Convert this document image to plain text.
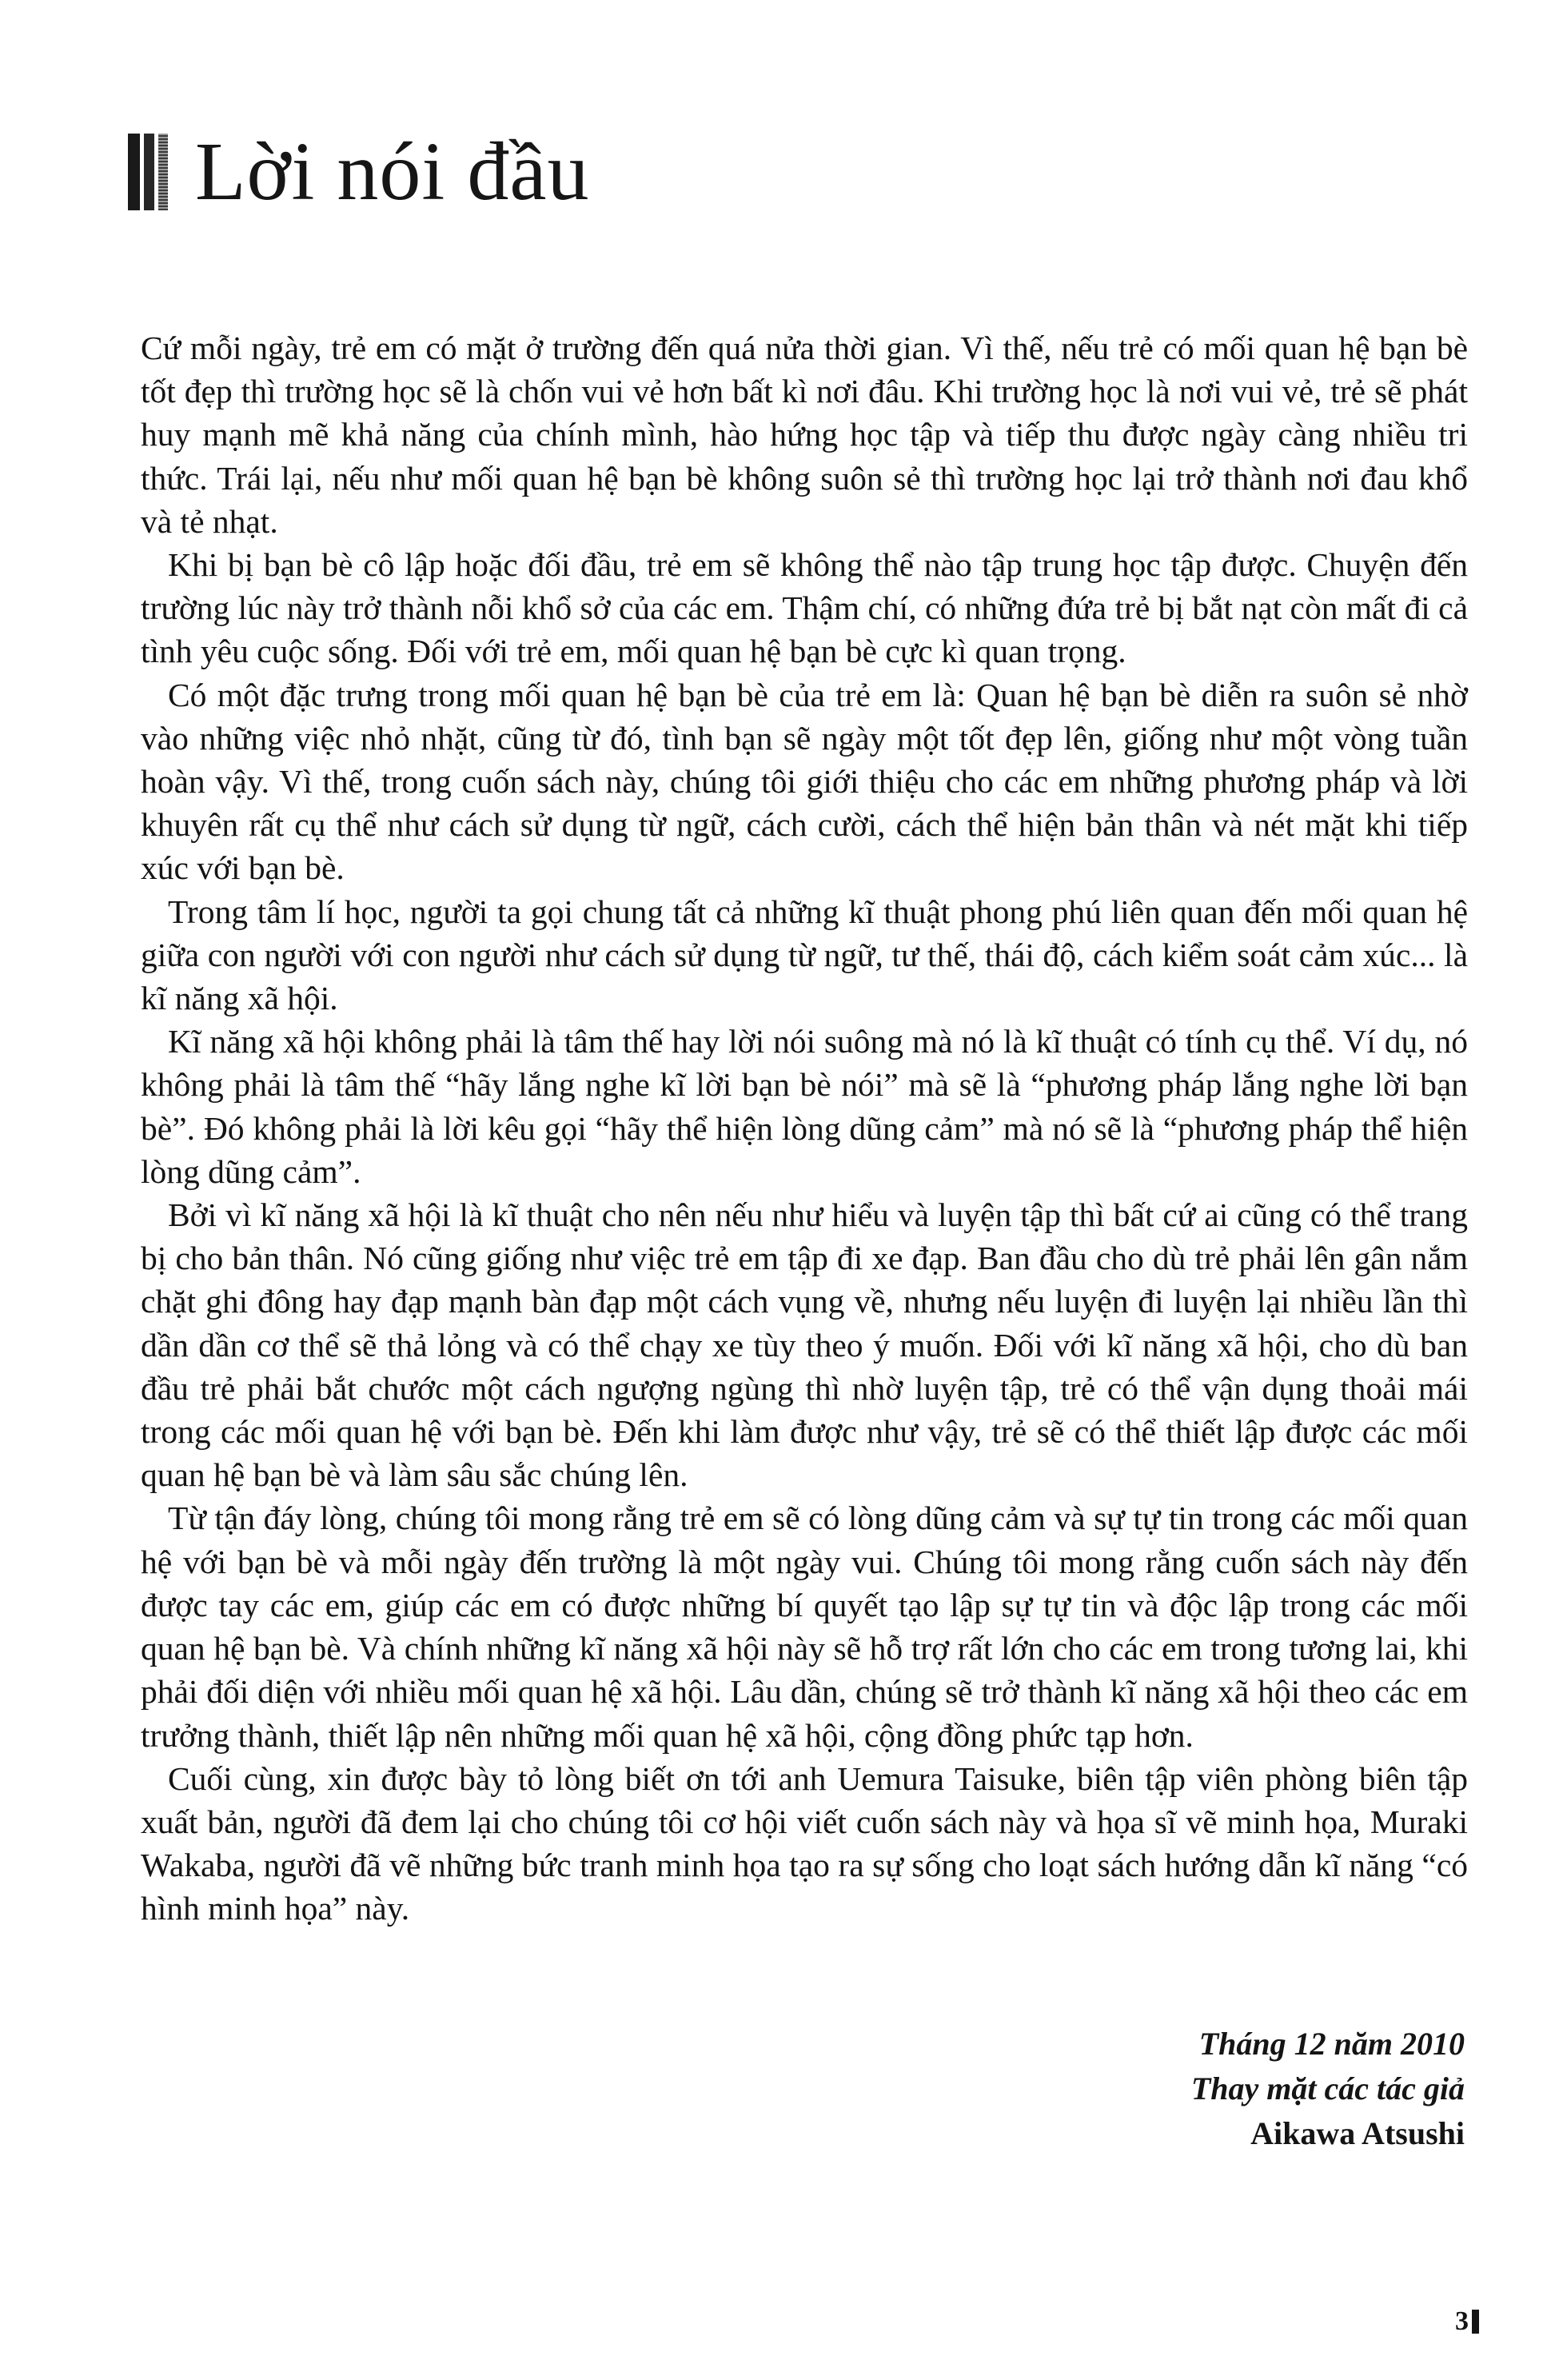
Lời nói đầu

Cứ mỗi ngày, trẻ em có mặt ở trường đến quá nửa thời gian. Vì thế, nếu trẻ có mối quan hệ bạn bè tốt đẹp thì trường học sẽ là chốn vui vẻ hơn bất kì nơi đâu. Khi trường học là nơi vui vẻ, trẻ sẽ phát huy mạnh mẽ khả năng của chính mình, hào hứng học tập và tiếp thu được ngày càng nhiều tri thức. Trái lại, nếu như mối quan hệ bạn bè không suôn sẻ thì trường học lại trở thành nơi đau khổ và tẻ nhạt.

Khi bị bạn bè cô lập hoặc đối đầu, trẻ em sẽ không thể nào tập trung học tập được. Chuyện đến trường lúc này trở thành nỗi khổ sở của các em. Thậm chí, có những đứa trẻ bị bắt nạt còn mất đi cả tình yêu cuộc sống. Đối với trẻ em, mối quan hệ bạn bè cực kì quan trọng.

Có một đặc trưng trong mối quan hệ bạn bè của trẻ em là: Quan hệ bạn bè diễn ra suôn sẻ nhờ vào những việc nhỏ nhặt, cũng từ đó, tình bạn sẽ ngày một tốt đẹp lên, giống như một vòng tuần hoàn vậy. Vì thế, trong cuốn sách này, chúng tôi giới thiệu cho các em những phương pháp và lời khuyên rất cụ thể như cách sử dụng từ ngữ, cách cười, cách thể hiện bản thân và nét mặt khi tiếp xúc với bạn bè.

Trong tâm lí học, người ta gọi chung tất cả những kĩ thuật phong phú liên quan đến mối quan hệ giữa con người với con người như cách sử dụng từ ngữ, tư thế, thái độ, cách kiểm soát cảm xúc... là kĩ năng xã hội.

Kĩ năng xã hội không phải là tâm thế hay lời nói suông mà nó là kĩ thuật có tính cụ thể. Ví dụ, nó không phải là tâm thế “hãy lắng nghe kĩ lời bạn bè nói” mà sẽ là “phương pháp lắng nghe lời bạn bè”. Đó không phải là lời kêu gọi “hãy thể hiện lòng dũng cảm” mà nó sẽ là “phương pháp thể hiện lòng dũng cảm”.

Bởi vì kĩ năng xã hội là kĩ thuật cho nên nếu như hiểu và luyện tập thì bất cứ ai cũng có thể trang bị cho bản thân. Nó cũng giống như việc trẻ em tập đi xe đạp. Ban đầu cho dù trẻ phải lên gân nắm chặt ghi đông hay đạp mạnh bàn đạp một cách vụng về, nhưng nếu luyện đi luyện lại nhiều lần thì dần dần cơ thể sẽ thả lỏng và có thể chạy xe tùy theo ý muốn. Đối với kĩ năng xã hội, cho dù ban đầu trẻ phải bắt chước một cách ngượng ngùng thì nhờ luyện tập, trẻ có thể vận dụng thoải mái trong các mối quan hệ với bạn bè. Đến khi làm được như vậy, trẻ sẽ có thể thiết lập được các mối quan hệ bạn bè và làm sâu sắc chúng lên.

Từ tận đáy lòng, chúng tôi mong rằng trẻ em sẽ có lòng dũng cảm và sự tự tin trong các mối quan hệ với bạn bè và mỗi ngày đến trường là một ngày vui. Chúng tôi mong rằng cuốn sách này đến được tay các em, giúp các em có được những bí quyết tạo lập sự tự tin và độc lập trong các mối quan hệ bạn bè. Và chính những kĩ năng xã hội này sẽ hỗ trợ rất lớn cho các em trong tương lai, khi phải đối diện với nhiều mối quan hệ xã hội. Lâu dần, chúng sẽ trở thành kĩ năng xã hội theo các em trưởng thành, thiết lập nên những mối quan hệ xã hội, cộng đồng phức tạp hơn.

Cuối cùng, xin được bày tỏ lòng biết ơn tới anh Uemura Taisuke, biên tập viên phòng biên tập xuất bản, người đã đem lại cho chúng tôi cơ hội viết cuốn sách này và họa sĩ vẽ minh họa, Muraki Wakaba, người đã vẽ những bức tranh minh họa tạo ra sự sống cho loạt sách hướng dẫn kĩ năng “có hình minh họa” này.

Tháng 12 năm 2010
Thay mặt các tác giả
Aikawa Atsushi
3
